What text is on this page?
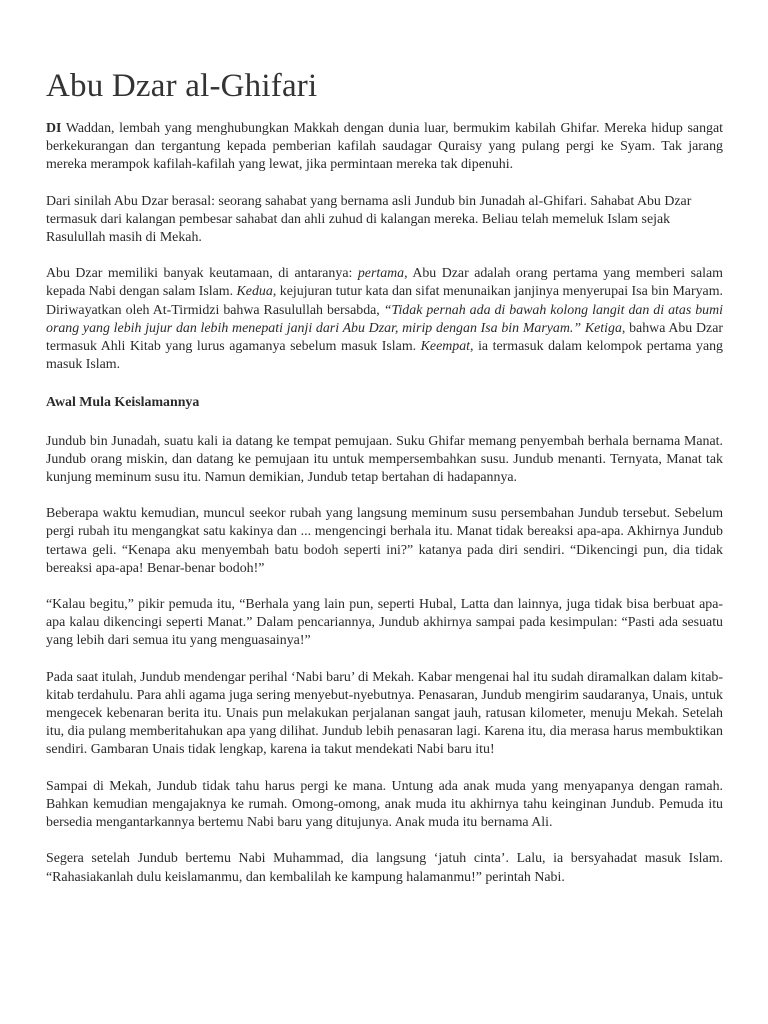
Abu Dzar al-Ghifari

DI Waddan, lembah yang menghubungkan Makkah dengan dunia luar, bermukim kabilah Ghifar. Mereka hidup sangat berkekurangan dan tergantung kepada pemberian kafilah saudagar Quraisy yang pulang pergi ke Syam. Tak jarang mereka merampok kafilah-kafilah yang lewat, jika permintaan mereka tak dipenuhi.

Dari sinilah Abu Dzar berasal: seorang sahabat yang bernama asli Jundub bin Junadah al-Ghifari. Sahabat Abu Dzar termasuk dari kalangan pembesar sahabat dan ahli zuhud di kalangan mereka. Beliau telah memeluk Islam sejak Rasulullah masih di Mekah.

Abu Dzar memiliki banyak keutamaan, di antaranya: pertama, Abu Dzar adalah orang pertama yang memberi salam kepada Nabi dengan salam Islam. Kedua, kejujuran tutur kata dan sifat menunaikan janjinya menyerupai Isa bin Maryam. Diriwayatkan oleh At-Tirmidzi bahwa Rasulullah bersabda, “Tidak pernah ada di bawah kolong langit dan di atas bumi orang yang lebih jujur dan lebih menepati janji dari Abu Dzar, mirip dengan Isa bin Maryam.” Ketiga, bahwa Abu Dzar termasuk Ahli Kitab yang lurus agamanya sebelum masuk Islam. Keempat, ia termasuk dalam kelompok pertama yang masuk Islam.

Awal Mula Keislamannya

Jundub bin Junadah, suatu kali ia datang ke tempat pemujaan. Suku Ghifar memang penyembah berhala bernama Manat. Jundub orang miskin, dan datang ke pemujaan itu untuk mempersembahkan susu. Jundub menanti. Ternyata, Manat tak kunjung meminum susu itu. Namun demikian, Jundub tetap bertahan di hadapannya.

Beberapa waktu kemudian, muncul seekor rubah yang langsung meminum susu persembahan Jundub tersebut. Sebelum pergi rubah itu mengangkat satu kakinya dan ... mengencingi berhala itu. Manat tidak bereaksi apa-apa. Akhirnya Jundub tertawa geli. “Kenapa aku menyembah batu bodoh seperti ini?” katanya pada diri sendiri. “Dikencingi pun, dia tidak bereaksi apa-apa! Benar-benar bodoh!”

“Kalau begitu,” pikir pemuda itu, “Berhala yang lain pun, seperti Hubal, Latta dan lainnya, juga tidak bisa berbuat apa-apa kalau dikencingi seperti Manat.” Dalam pencariannya, Jundub akhirnya sampai pada kesimpulan: “Pasti ada sesuatu yang lebih dari semua itu yang menguasainya!”

Pada saat itulah, Jundub mendengar perihal ‘Nabi baru’ di Mekah. Kabar mengenai hal itu sudah diramalkan dalam kitab-kitab terdahulu. Para ahli agama juga sering menyebut-nyebutnya. Penasaran, Jundub mengirim saudaranya, Unais, untuk mengecek kebenaran berita itu. Unais pun melakukan perjalanan sangat jauh, ratusan kilometer, menuju Mekah. Setelah itu, dia pulang memberitahukan apa yang dilihat. Jundub lebih penasaran lagi. Karena itu, dia merasa harus membuktikan sendiri. Gambaran Unais tidak lengkap, karena ia takut mendekati Nabi baru itu!

Sampai di Mekah, Jundub tidak tahu harus pergi ke mana. Untung ada anak muda yang menyapanya dengan ramah. Bahkan kemudian mengajaknya ke rumah. Omong-omong, anak muda itu akhirnya tahu keinginan Jundub. Pemuda itu bersedia mengantarkannya bertemu Nabi baru yang ditujunya. Anak muda itu bernama Ali.

Segera setelah Jundub bertemu Nabi Muhammad, dia langsung ‘jatuh cinta’. Lalu, ia bersyahadat masuk Islam. “Rahasiakanlah dulu keislamanmu, dan kembalilah ke kampung halamanmu!” perintah Nabi.
